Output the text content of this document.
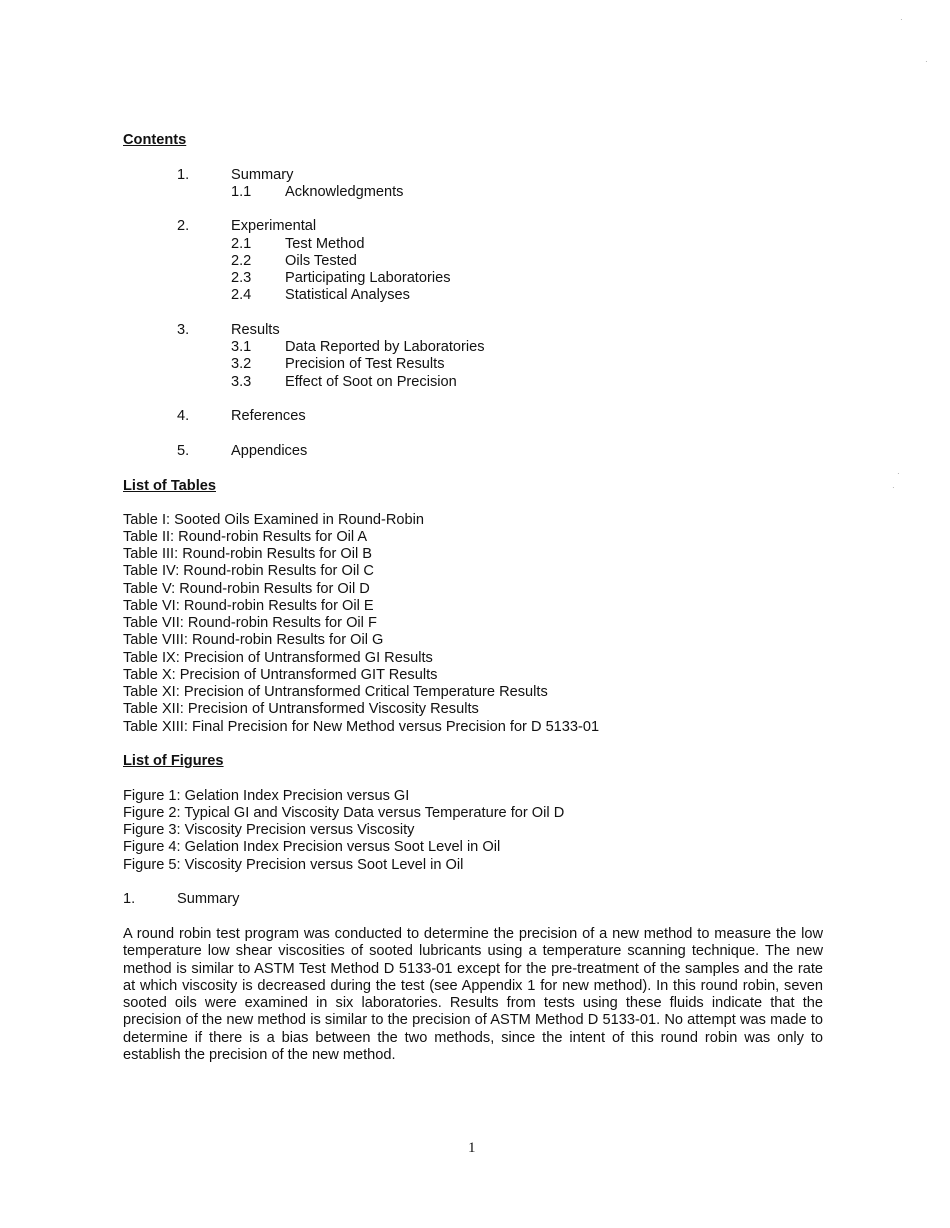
Contents
1.	Summary
1.1 Acknowledgments
2.	Experimental
2.1 Test Method
2.2 Oils Tested
2.3 Participating Laboratories
2.4 Statistical Analyses
3.	Results
3.1 Data Reported by Laboratories
3.2 Precision of Test Results
3.3 Effect of Soot on Precision
4.	References
5.	Appendices
List of Tables
Table I: Sooted Oils Examined in Round-Robin
Table II: Round-robin Results for Oil A
Table III: Round-robin Results for Oil B
Table IV: Round-robin Results for Oil C
Table V: Round-robin Results for Oil D
Table VI: Round-robin Results for Oil E
Table VII: Round-robin Results for Oil F
Table VIII: Round-robin Results for Oil G
Table IX: Precision of Untransformed GI Results
Table X: Precision of Untransformed GIT Results
Table XI: Precision of Untransformed Critical Temperature Results
Table XII: Precision of Untransformed Viscosity Results
Table XIII: Final Precision for New Method versus Precision for D 5133-01
List of Figures
Figure 1: Gelation Index Precision versus GI
Figure 2: Typical GI and Viscosity Data versus Temperature for Oil D
Figure 3: Viscosity Precision versus Viscosity
Figure 4: Gelation Index Precision versus Soot Level in Oil
Figure 5: Viscosity Precision versus Soot Level in Oil
1.	Summary
A round robin test program was conducted to determine the precision of a new method to measure the low temperature low shear viscosities of sooted lubricants using a temperature scanning technique. The new method is similar to ASTM Test Method D 5133-01 except for the pre-treatment of the samples and the rate at which viscosity is decreased during the test (see Appendix 1 for new method). In this round robin, seven sooted oils were examined in six laboratories. Results from tests using these fluids indicate that the precision of the new method is similar to the precision of ASTM Method D 5133-01. No attempt was made to determine if there is a bias between the two methods, since the intent of this round robin was only to establish the precision of the new method.
1
·
·
·
·
